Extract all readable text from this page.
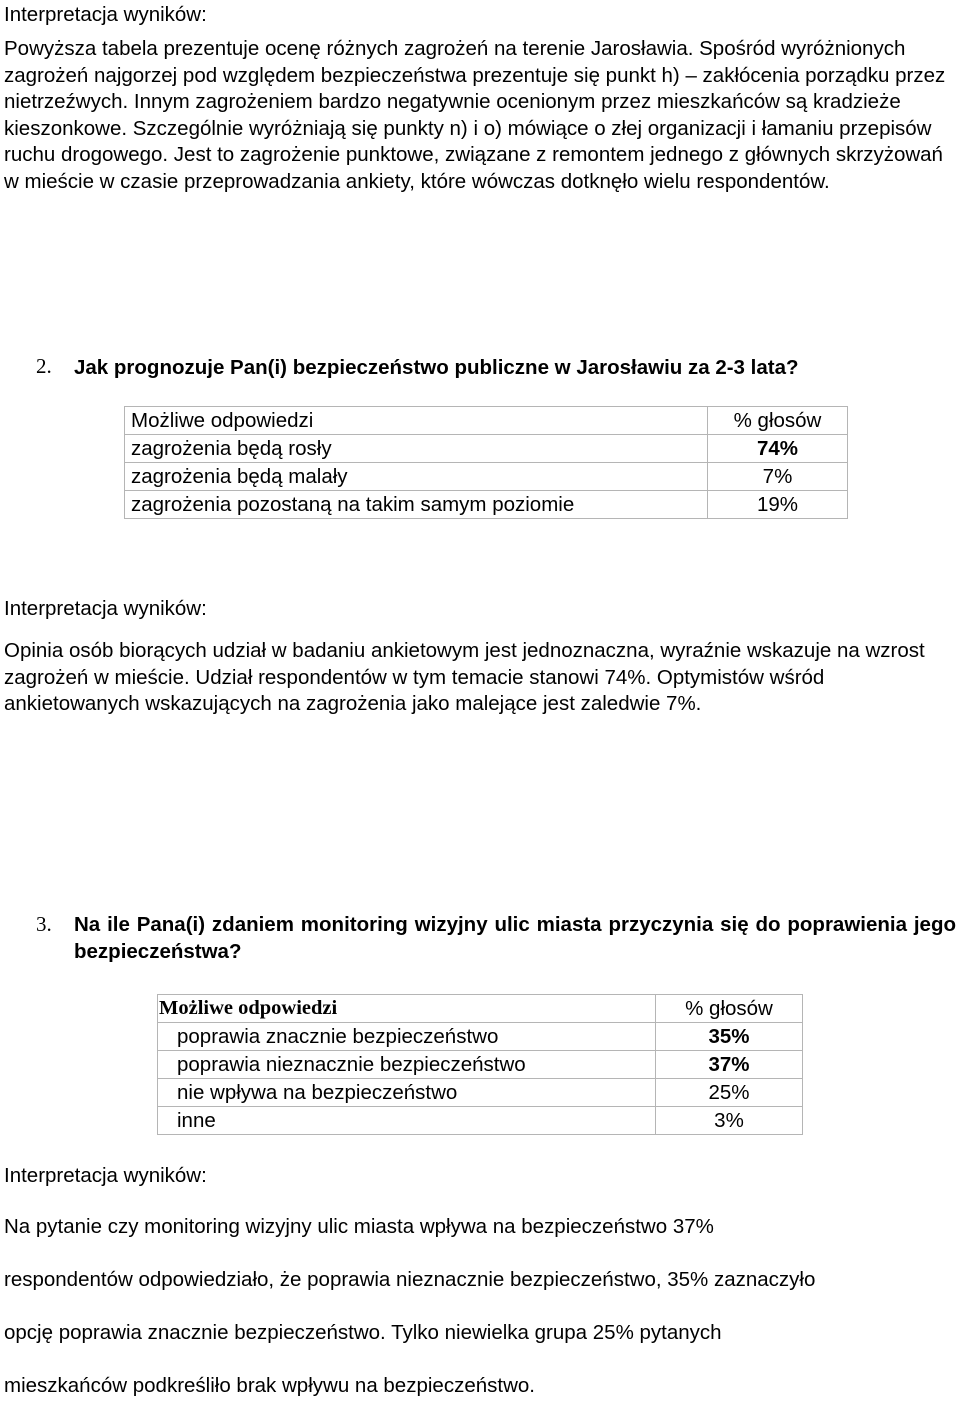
Interpretacja wyników:

Powyższa tabela prezentuje ocenę różnych zagrożeń na terenie Jarosławia. Spośród wyróżnionych zagrożeń najgorzej pod względem bezpieczeństwa prezentuje się punkt h) – zakłócenia porządku przez nietrzeźwych. Innym zagrożeniem bardzo negatywnie ocenionym przez mieszkańców są kradzieże kieszonkowe. Szczególnie wyróżniają się punkty n) i o) mówiące o złej organizacji i łamaniu przepisów ruchu drogowego. Jest to zagrożenie punktowe, związane z remontem jednego z głównych skrzyżowań w mieście w czasie przeprowadzania ankiety, które wówczas dotknęło wielu respondentów.

2. Jak prognozuje Pan(i) bezpieczeństwo publiczne w Jarosławiu za 2-3 lata?
Możliwe odpowiedzi	% głosów
zagrożenia będą rosły	74%
zagrożenia będą malały	7%
zagrożenia pozostaną na takim samym poziomie	19%
Interpretacja wyników:

Opinia osób biorących udział w badaniu ankietowym jest jednoznaczna, wyraźnie wskazuje na wzrost zagrożeń w mieście. Udział respondentów w tym temacie stanowi 74%. Optymistów wśród ankietowanych wskazujących na zagrożenia jako malejące jest zaledwie 7%.

3. Na ile Pana(i) zdaniem monitoring wizyjny ulic miasta przyczynia się do poprawienia jego bezpieczeństwa?
Możliwe odpowiedzi	% głosów
poprawia znacznie bezpieczeństwo	35%
poprawia nieznacznie bezpieczeństwo	37%
nie wpływa na bezpieczeństwo	25%
inne	3%
Interpretacja wyników:

Na pytanie czy monitoring wizyjny ulic miasta wpływa na bezpieczeństwo 37%

respondentów odpowiedziało, że poprawia nieznacznie bezpieczeństwo, 35% zaznaczyło

opcję poprawia znacznie bezpieczeństwo. Tylko niewielka grupa 25% pytanych

mieszkańców podkreśliło brak wpływu na bezpieczeństwo.
